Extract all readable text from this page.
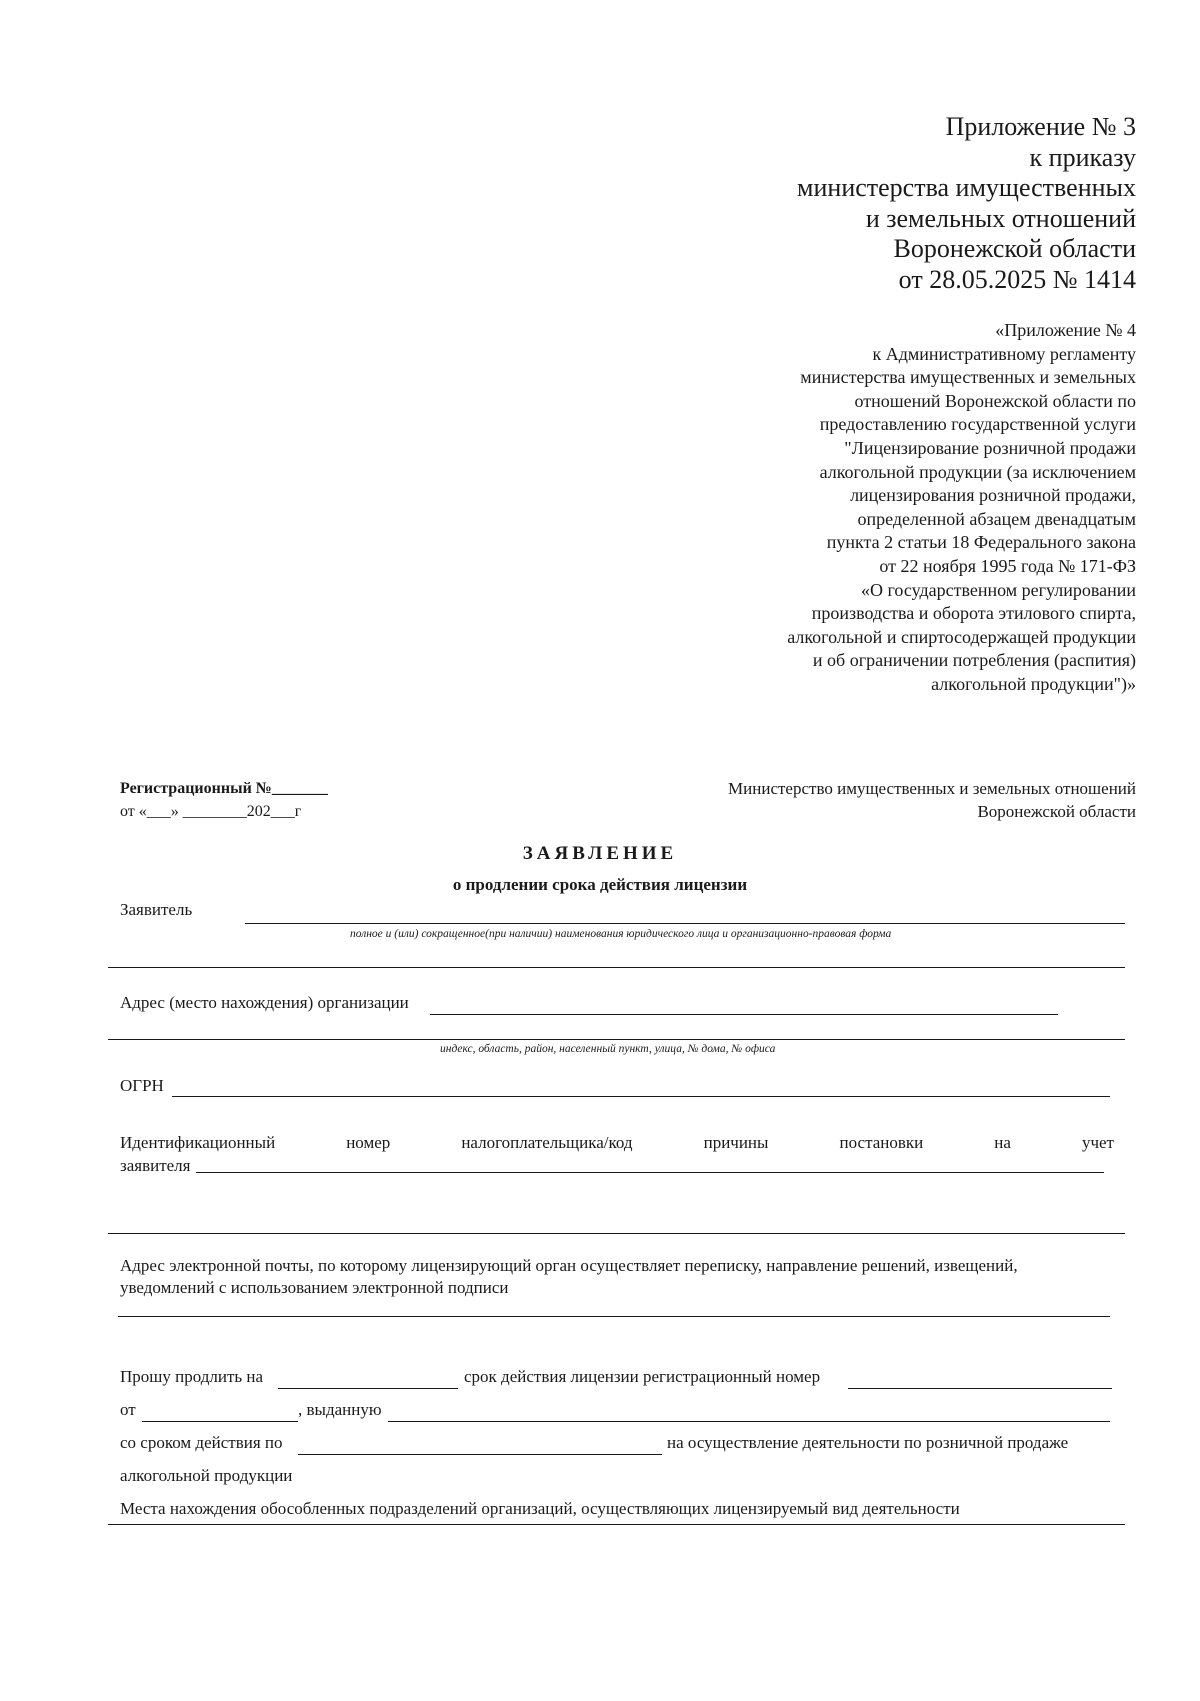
Приложение № 3
к приказу
министерства имущественных
и земельных отношений
Воронежской области
от 28.05.2025 № 1414
«Приложение № 4
к Административному регламенту
министерства имущественных и земельных
отношений Воронежской области по
предоставлению государственной услуги
"Лицензирование розничной продажи
алкогольной продукции (за исключением
лицензирования розничной продажи,
определенной абзацем двенадцатым
пункта 2 статьи 18 Федерального закона
от 22 ноября 1995 года № 171-ФЗ
«О государственном регулировании
производства и оборота этилового спирта,
алкогольной и спиртосодержащей продукции
и об ограничении потребления (распития)
алкогольной продукции")»
Регистрационный №_______
от «___» ________202___г
Министерство имущественных и земельных отношений
Воронежской области
ЗАЯВЛЕНИЕ
о продлении срока действия лицензии
Заявитель
полное и (или) сокращенное(при наличии) наименования юридического лица и организационно-правовая форма
Адрес (место нахождения) организации
индекс, область, район, населенный пункт, улица, № дома, № офиса
ОГРН
Идентификационный	номер	налогоплательщика/код	причины	постановки	на	учет
заявителя
Адрес электронной почты, по которому лицензирующий орган осуществляет переписку, направление решений, извещений,
уведомлений с использованием электронной подписи
Прошу продлить на	срок действия лицензии регистрационный номер
от	, выданную
со сроком действия по	на осуществление деятельности по розничной продаже
алкогольной продукции
Места нахождения обособленных подразделений организаций, осуществляющих лицензируемый вид деятельности
